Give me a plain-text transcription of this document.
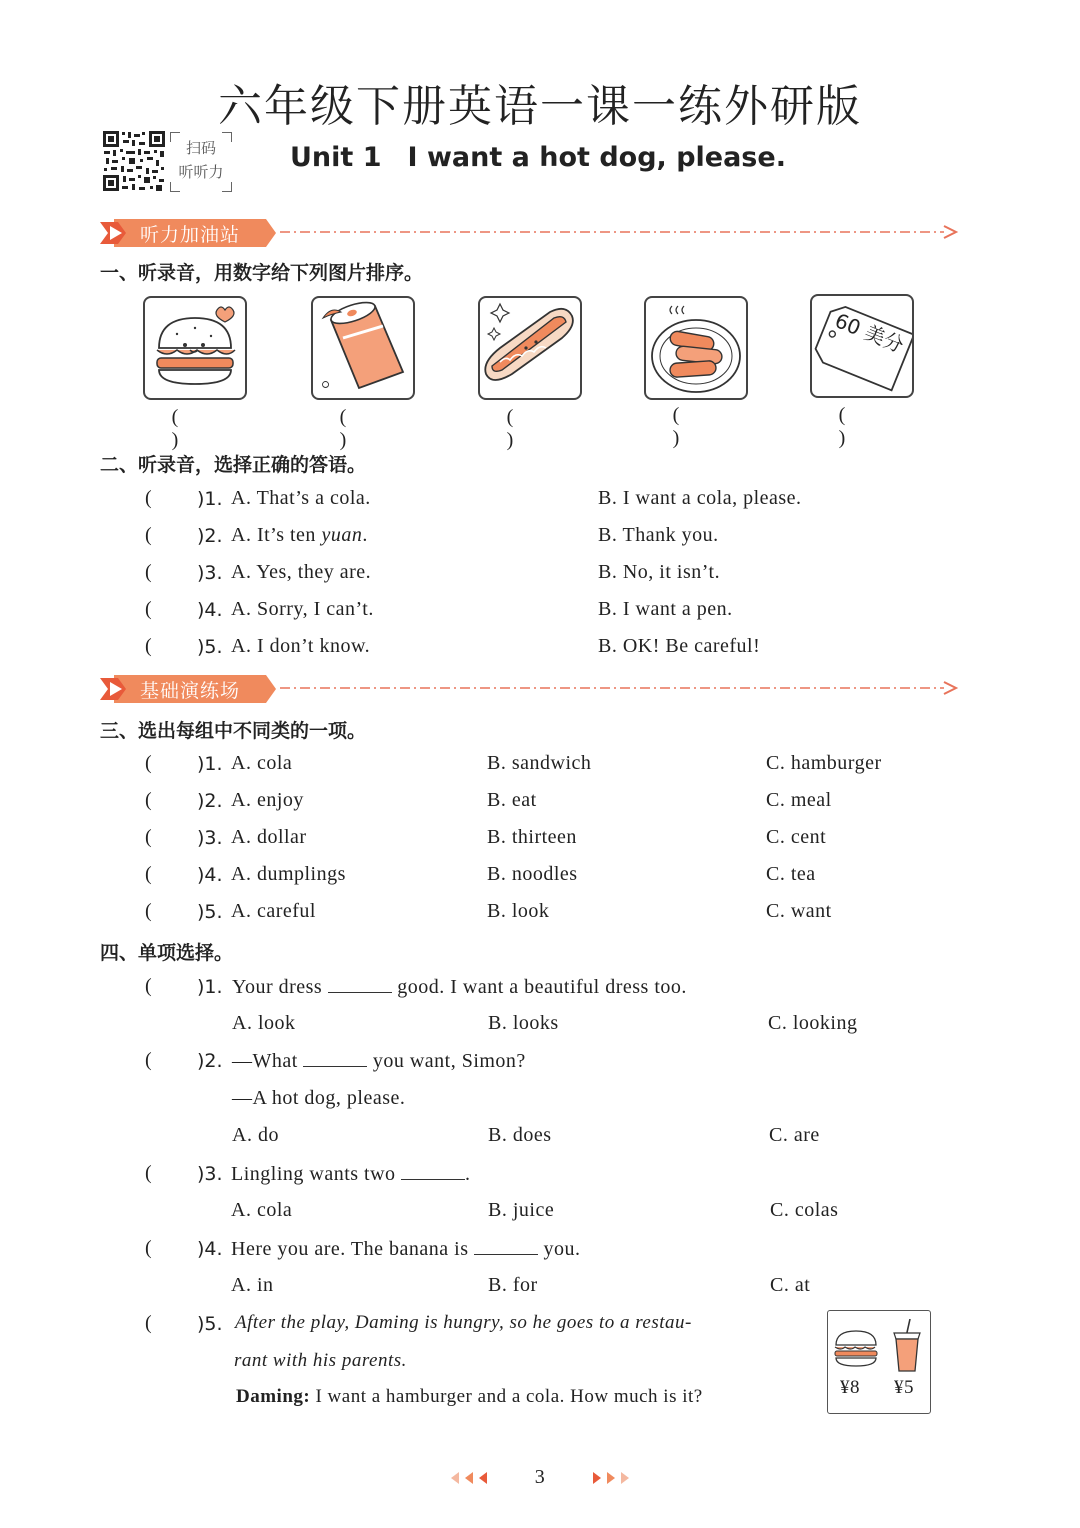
六年级下册英语一课一练外研版
扫码
听听力	Unit 1 I want a hot dog, please.
听力加油站
一、听录音，用数字给下列图片排序。
ഠ
60 美分
( )
( )
( )
( )
( )
二、听录音，选择正确的答语。
( )1. A. That’s a cola.	B. I want a cola, please.
( )2. A. It’s ten yuan.	B. Thank you.
( )3. A. Yes, they are.	B. No, it isn’t.
( )4. A. Sorry, I can’t.	B. I want a pen.
( )5. A. I don’t know.	B. OK! Be careful!
基础演练场
三、选出每组中不同类的一项。
( )1. A. cola	B. sandwich	C. hamburger
( )2. A. enjoy	B. eat	C. meal
( )3. A. dollar	B. thirteen	C. cent
( )4. A. dumplings	B. noodles	C. tea
( )5. A. careful	B. look	C. want
四、单项选择。
( )1. Your dress	good. I want a beautiful dress too.
A. look	B. looks	C. looking
( )2. —What	you want, Simon?
—A hot dog, please.
A. do	B. does	C. are
( )3. Lingling wants two	.
A. cola	B. juice	C. colas
( )4. Here you are. The banana is	you.
A. in	B. for	C. at
( )5. After the play, Daming is hungry, so he goes to a restau-
rant with his parents.
Daming: I want a hamburger and a cola. How much is it?	¥8 ¥5
3
